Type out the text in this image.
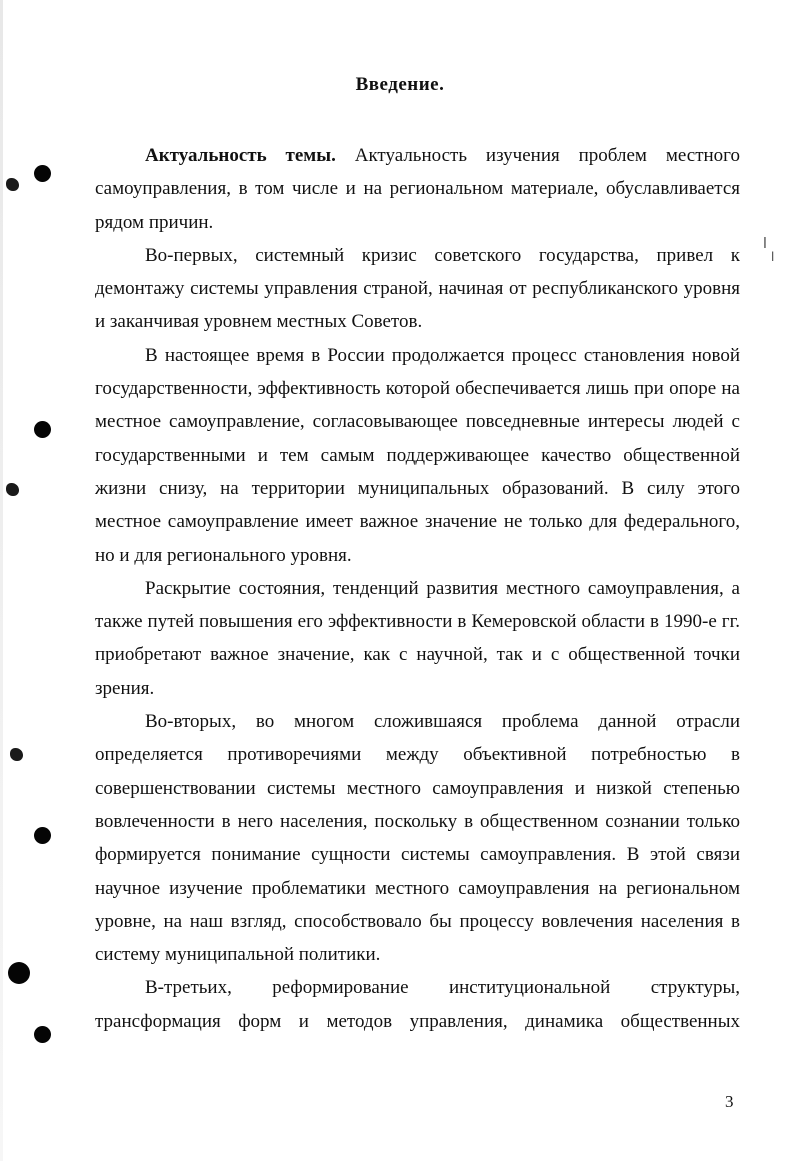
ⅼ
ⅼ
Введение.

Актуальность темы. Актуальность изучения проблем местного самоуправления, в том числе и на региональном материале, обуславливается рядом причин.

Во-первых, системный кризис советского государства, привел к демонтажу системы управления страной, начиная от республиканского уровня и заканчивая уровнем местных Советов.

В настоящее время в России продолжается процесс становления новой государственности, эффективность которой обеспечивается лишь при опоре на местное самоуправление, согласовывающее повседневные интересы людей с государственными и тем самым поддерживающее качество общественной жизни снизу, на территории муниципальных образований. В силу этого местное самоуправление имеет важное значение не только для федерального, но и для регионального уровня.

Раскрытие состояния, тенденций развития местного самоуправления, а также путей повышения его эффективности в Кемеровской области в 1990-е гг. приобретают важное значение, как с научной, так и с общественной точки зрения.

Во-вторых, во многом сложившаяся проблема данной отрасли определяется противоречиями между объективной потребностью в совершенствовании системы местного самоуправления и низкой степенью вовлеченности в него населения, поскольку в общественном сознании только формируется понимание сущности системы самоуправления. В этой связи научное изучение проблематики местного самоуправления на региональном уровне, на наш взгляд, способствовало бы процессу вовлечения населения в систему муниципальной политики.

В-третьих, реформирование институциональной структуры, трансформация форм и методов управления, динамика общественных

3
